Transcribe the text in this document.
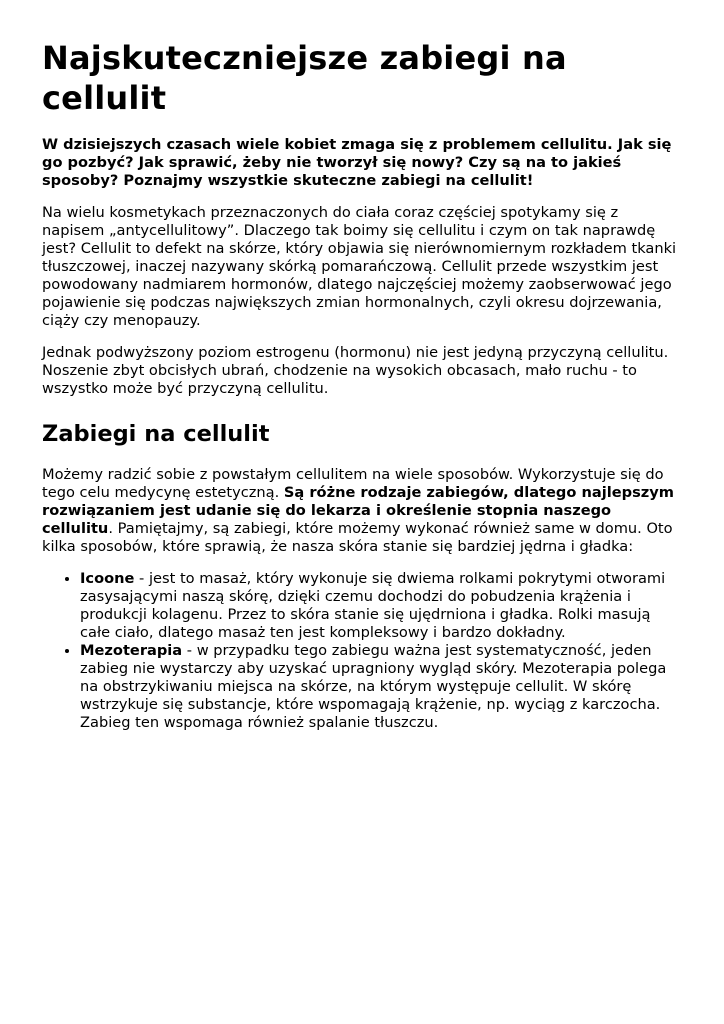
Najskuteczniejsze zabiegi na cellulit

W dzisiejszych czasach wiele kobiet zmaga się z problemem cellulitu. Jak się go pozbyć? Jak sprawić, żeby nie tworzył się nowy? Czy są na to jakieś sposoby? Poznajmy wszystkie skuteczne zabiegi na cellulit!

Na wielu kosmetykach przeznaczonych do ciała coraz częściej spotykamy się z napisem „antycellulitowy”. Dlaczego tak boimy się cellulitu i czym on tak naprawdę jest? Cellulit to defekt na skórze, który objawia się nierównomiernym rozkładem tkanki tłuszczowej, inaczej nazywany skórką pomarańczową. Cellulit przede wszystkim jest powodowany nadmiarem hormonów, dlatego najczęściej możemy zaobserwować jego pojawienie się podczas największych zmian hormonalnych, czyli okresu dojrzewania, ciąży czy menopauzy.

Jednak podwyższony poziom estrogenu (hormonu) nie jest jedyną przyczyną cellulitu. Noszenie zbyt obcisłych ubrań, chodzenie na wysokich obcasach, mało ruchu - to wszystko może być przyczyną cellulitu.

Zabiegi na cellulit

Możemy radzić sobie z powstałym cellulitem na wiele sposobów. Wykorzystuje się do tego celu medycynę estetyczną. Są różne rodzaje zabiegów, dlatego najlepszym rozwiązaniem jest udanie się do lekarza i określenie stopnia naszego cellulitu. Pamiętajmy, są zabiegi, które możemy wykonać również same w domu. Oto kilka sposobów, które sprawią, że nasza skóra stanie się bardziej jędrna i gładka:

• Icoone - jest to masaż, który wykonuje się dwiema rolkami pokrytymi otworami zasysającymi naszą skórę, dzięki czemu dochodzi do pobudzenia krążenia i produkcji kolagenu. Przez to skóra stanie się ujędrniona i gładka. Rolki masują całe ciało, dlatego masaż ten jest kompleksowy i bardzo dokładny.
• Mezoterapia - w przypadku tego zabiegu ważna jest systematyczność, jeden zabieg nie wystarczy aby uzyskać upragniony wygląd skóry. Mezoterapia polega na obstrzykiwaniu miejsca na skórze, na którym występuje cellulit. W skórę wstrzykuje się substancje, które wspomagają krążenie, np. wyciąg z karczocha. Zabieg ten wspomaga również spalanie tłuszczu.
